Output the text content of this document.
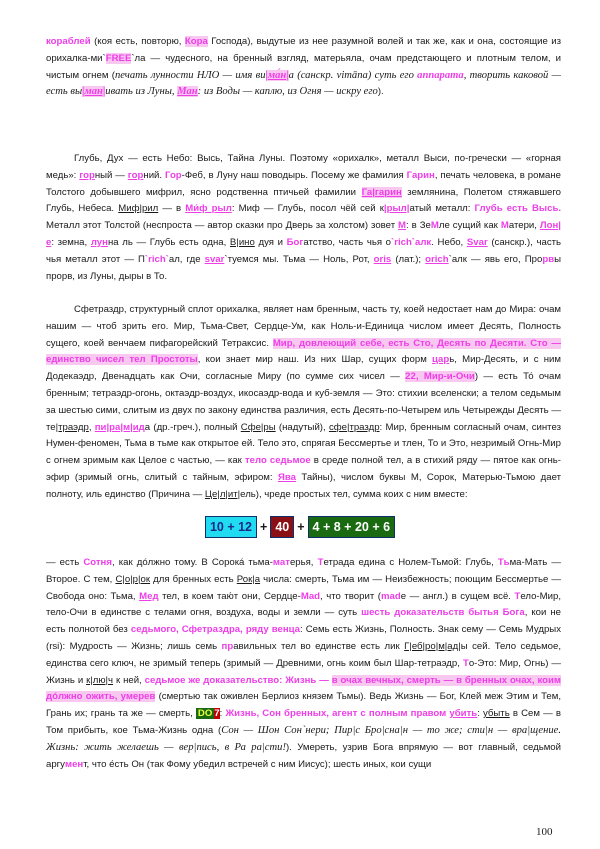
кораблей (коя есть, повторю, Кора Господа), выдутые из нее разумной волей и так же, как и она, состоящие из орихалка-ми`FREE`ла — чудесного, на бренный взгляд, матерьяла, очам предстающего и плотным телом, и чистым огнем (печать лунности НЛО — имя ви|ма́н|а (санскр. vimāna) суть его аппарата, творить каковой — есть вы|ман|ивать из Луны, Ман: из Воды — каплю, из Огня — искру его).

Глубь, Дух — есть Небо: Высь, Тайна Луны. Поэтому «орихалк», металл Выси, по-гречески — «горная медь»: горный — горний. Гор-Феб, в Луну наш поводырь. Посему же фамилия Гарин, печать человека, в романе Толстого добывшего мифрил, ясно родственна птичьей фамилии Га|гарин землянина, Полетом стяжавшего Глубь, Небеса. Миф|рил — в Mи́ф рыл: Миф — Глубь, посол чёй сей к|рыл|атый металл: Глубь есть Высь. Металл этот Толстой (неспроста — автор сказки про Дверь за холстом) зовет M: в ЗеMле сущий как Матери, Лон|е: земна, лунна ль — Глубь есть одна, В|ино дуя и Богатство, часть чья о`rich`алк. Небо, Svar (санскр.), часть чья металл этот — П`rich`ал, где svar`туемся мы. Тьма — Ноль, Рот, oris (лат.); orich`алк — явь его, Прорвы прорв, из Луны, дыры в То.

Сфетраздр, структурный сплот орихалка, являет нам бренным, часть ту, коей недостает нам до Мира: очам нашим — чтоб зрить его. Мир, Тьма-Свет, Сердце-Ум, как Ноль-и-Единица числом имеет Десять, Полность сущего, коей венчаем пифагорейский Тетраксис. Мир, довлеющий себе, есть Сто, Десять по Десяти. Сто — единство чисел тел Простоты, кои знает мир наш. Из них Шар, сущих форм царь, Мир-Десять, и с ним Додекаэдр, Двенадцать как Очи, согласные Миру (по сумме сих чисел — 22, Мир-и-Очи) — есть То́ очам бренным; тетраэдр-огонь, октаэдр-воздух, икосаэдр-вода и куб-земля — Это: стихии вселенски; а телом седьмым за шестью сими, слитым из двух по закону единства различия, есть Десять-по-Четырем иль Четырежды Десять — те|траэдр, пи|ра|м|ида (др.-греч.), полный Сфе|ры (надутый), сфе|траздр: Мир, бренным согласный очам, синтез Нумен-феномен, Тьма в тьме как открытое ей. Тело это, спрягая Бессмертье и тлен, То и Это, незримый Огнь-Мир с огнем зримым как Целое с частью, — как тело седьмое в среде полной тел, а в стихий ряду — пятое как огнь-эфир (зримый огнь, слитый с тайным, эфиром: Ява Тайны), числом буквы М, Сорок, Матерью-Тьмою дает полноту, иль единство (Причина — Це|л|ит|ель), чреде простых тел, сумма коих с ним вместе:

10 + 12 + 40 + 4 + 8 + 20 + 6

— есть Сотня, как дóлжно тому. В Сорокá тьма-матерья, Тетрада едина с Нолем-Тьмой: Глубь, Тьма-Мать — Второе. С тем, С|о|р|ок для бренных есть Рок|а числа: смерть, Тьма им — Неизбежность; поющим Бессмертье — Свобода оно: Тьма, Мед тел, в коем таю́т они, Сердце-Mad, что творит (made — англ.) в сущем всё. Тело-Мир, тело-Очи в единстве с телами огня, воздуха, воды и земли — суть шесть доказательств бытья Бога, кои не есть полнотой без седьмого, Сфетраздра, ряду венца: Семь есть Жизнь, Полность. Знак сему — Семь Мудрых (rsi): Мудрость — Жизнь; лишь семь правильных тел во единстве есть лик Г|еб|ро|м|ад|ы сей. Тело седьмое, единства сего ключ, не зримый теперь (зримый — Древними, огнь коим был Шар-тетраэдр, То-Это: Мир, Огнь) — Жизнь и к|лю|ч к ней, седьмое же доказательство: Жизнь — в очах вечных, смерть — в бренных очах, коим дóлжно ожить, умерев (смертью так оживлен Берлиоз князем Тьмы). Ведь Жизнь — Бог, Клей меж Этим и Тем, Грань их; грань та же — смерть, DO 7: Жизнь, Сон бренных, агент с полным правом убить: убыть в Сем — в Том прибыть, кое Тьма-Жизнь одна (Сон — Шон Сон`нери; Пир|с Бро|сна|н — то же; сти|н — вра|щение. Жизнь: жить желаешь — вер|пись, в Ра ра|сти!). Умереть, узрив Бога впрямую — вот главный, седьмой аргумент, что е́сть Он (так Фому убедил встречей с ним Иисус); шесть иных, кои сущи

100
